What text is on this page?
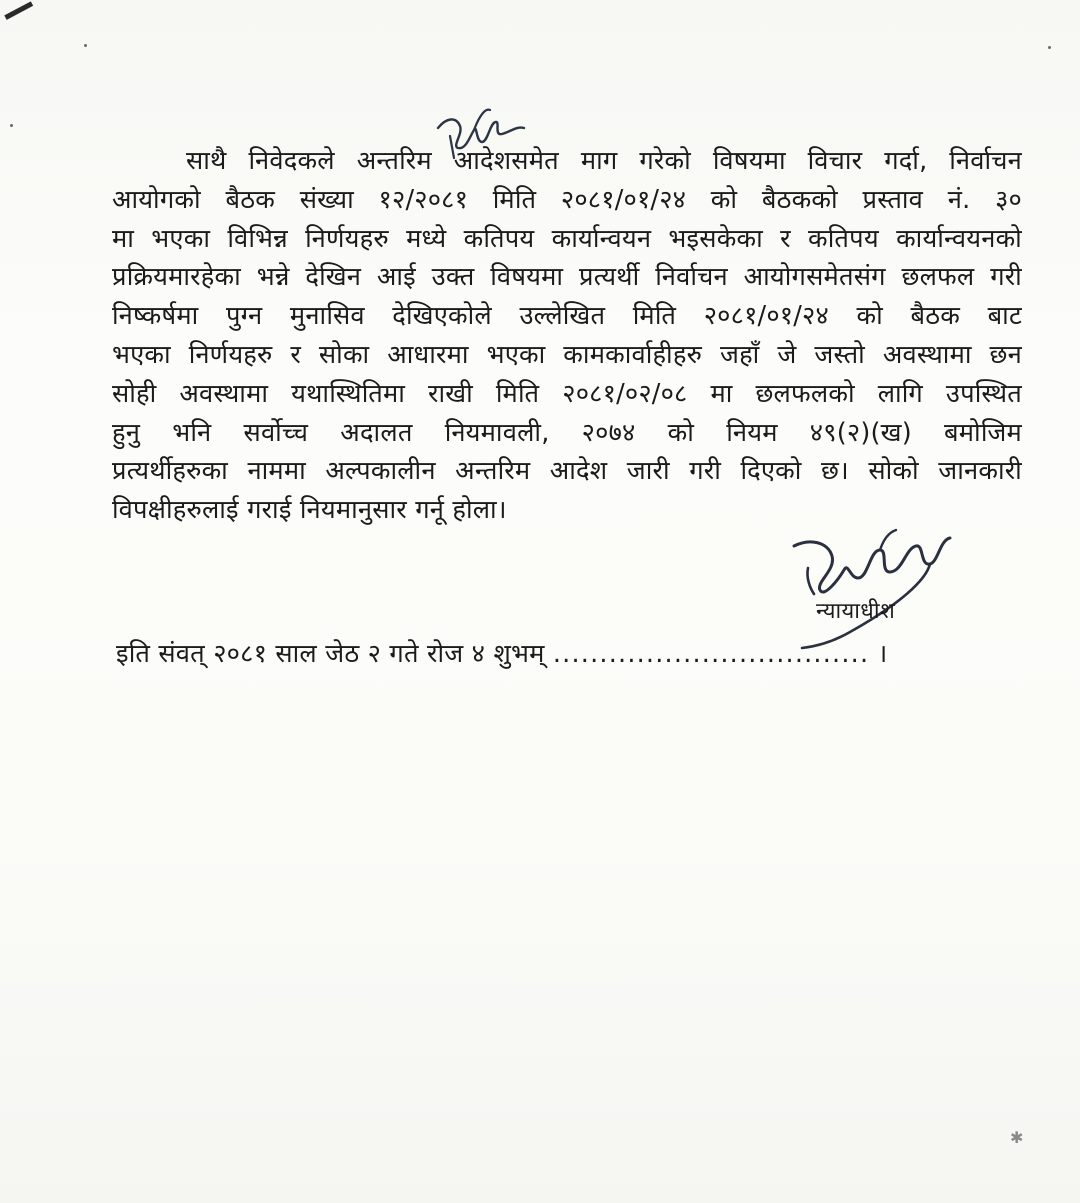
साथै निवेदकले अन्तरिम आदेशसमेत माग गरेको विषयमा विचार गर्दा, निर्वाचन
आयोगको बैठक संख्या १२/२०८१ मिति २०८१/०१/२४ को बैठकको प्रस्ताव नं. ३०
मा भएका विभिन्न निर्णयहरु मध्ये कतिपय कार्यान्वयन भइसकेका र कतिपय कार्यान्वयनको
प्रक्रियमारहेका भन्ने देखिन आई उक्त विषयमा प्रत्यर्थी निर्वाचन आयोगसमेतसंग छलफल गरी
निष्कर्षमा पुग्न मुनासिव देखिएकोले उल्लेखित मिति २०८१/०१/२४ को बैठक बाट
भएका निर्णयहरु र सोका आधारमा भएका कामकार्वाहीहरु जहाँ जे जस्तो अवस्थामा छन
सोही अवस्थामा यथास्थितिमा राखी मिति २०८१/०२/०८ मा छलफलको लागि उपस्थित
हुनु भनि सर्वोच्च अदालत नियमावली, २०७४ को नियम ४९(२)(ख) बमोजिम
प्रत्यर्थीहरुका नाममा अल्पकालीन अन्तरिम आदेश जारी गरी दिएको छ। सोको जानकारी
विपक्षीहरुलाई गराई नियमानुसार गर्नू होला।
न्यायाधीश
इति संवत् २०८१ साल जेठ २ गते रोज ४ शुभम् .................................. ।
✱
